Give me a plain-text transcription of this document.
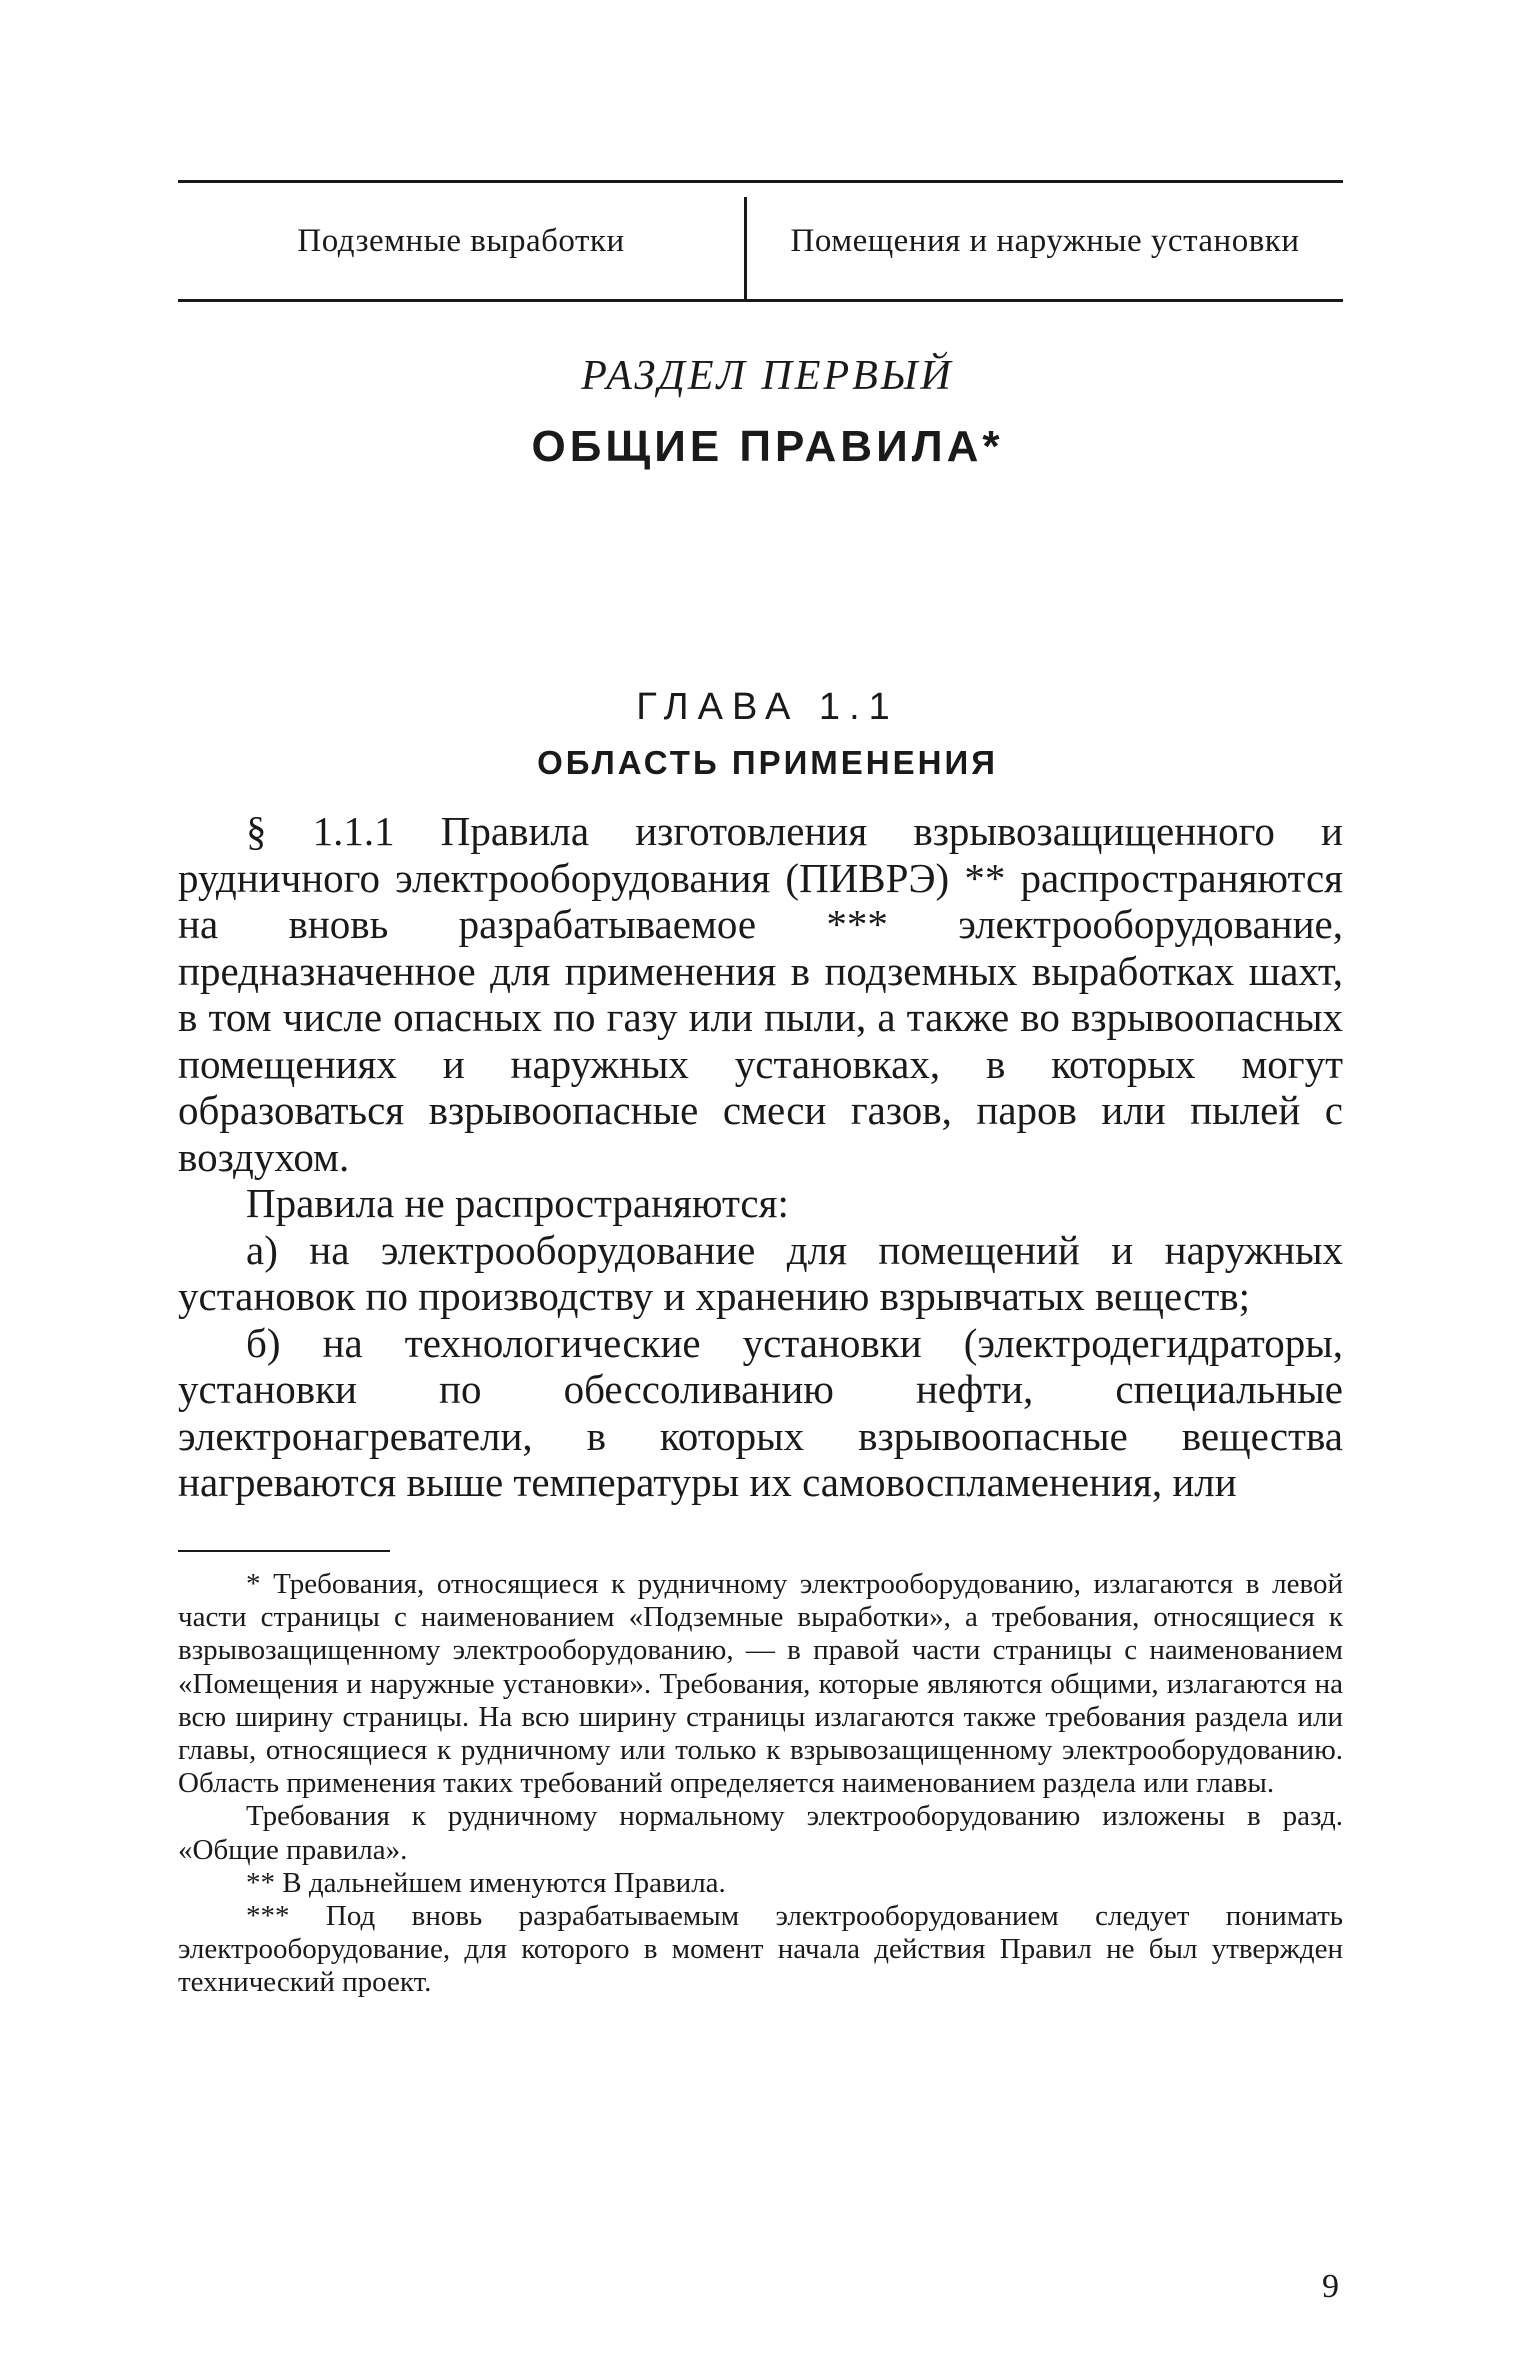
Подземные выработки	Помещения и наружные установки
РАЗДЕЛ ПЕРВЫЙ
ОБЩИЕ ПРАВИЛА*
ГЛАВА 1.1
ОБЛАСТЬ ПРИМЕНЕНИЯ

§ 1.1.1 Правила изготовления взрывозащищенного и рудничного электрооборудования (ПИВРЭ) ** распространяются на вновь разрабатываемое *** электрооборудование, предназначенное для применения в подземных выработках шахт, в том числе опасных по газу или пыли, а также во взрывоопасных помещениях и наружных установках, в которых могут образоваться взрывоопасные смеси газов, паров или пылей с воздухом.

Правила не распространяются:

а) на электрооборудование для помещений и наружных установок по производству и хранению взрывчатых веществ;

б) на технологические установки (электродегидраторы, установки по обессоливанию нефти, специальные электронагреватели, в которых взрывоопасные вещества нагреваются выше температуры их самовоспламенения, или

* Требования, относящиеся к рудничному электрооборудованию, излагаются в левой части страницы с наименованием «Подземные выработки», а требования, относящиеся к взрывозащищенному электрооборудованию, — в правой части страницы с наименованием «Помещения и наружные установки». Требования, которые являются общими, излагаются на всю ширину страницы. На всю ширину страницы излагаются также требования раздела или главы, относящиеся к рудничному или только к взрывозащищенному электрооборудованию. Область применения таких требований определяется наименованием раздела или главы.

Требования к рудничному нормальному электрооборудованию изложены в разд. «Общие правила».

** В дальнейшем именуются Правила.

*** Под вновь разрабатываемым электрооборудованием следует понимать электрооборудование, для которого в момент начала действия Правил не был утвержден технический проект.

9
